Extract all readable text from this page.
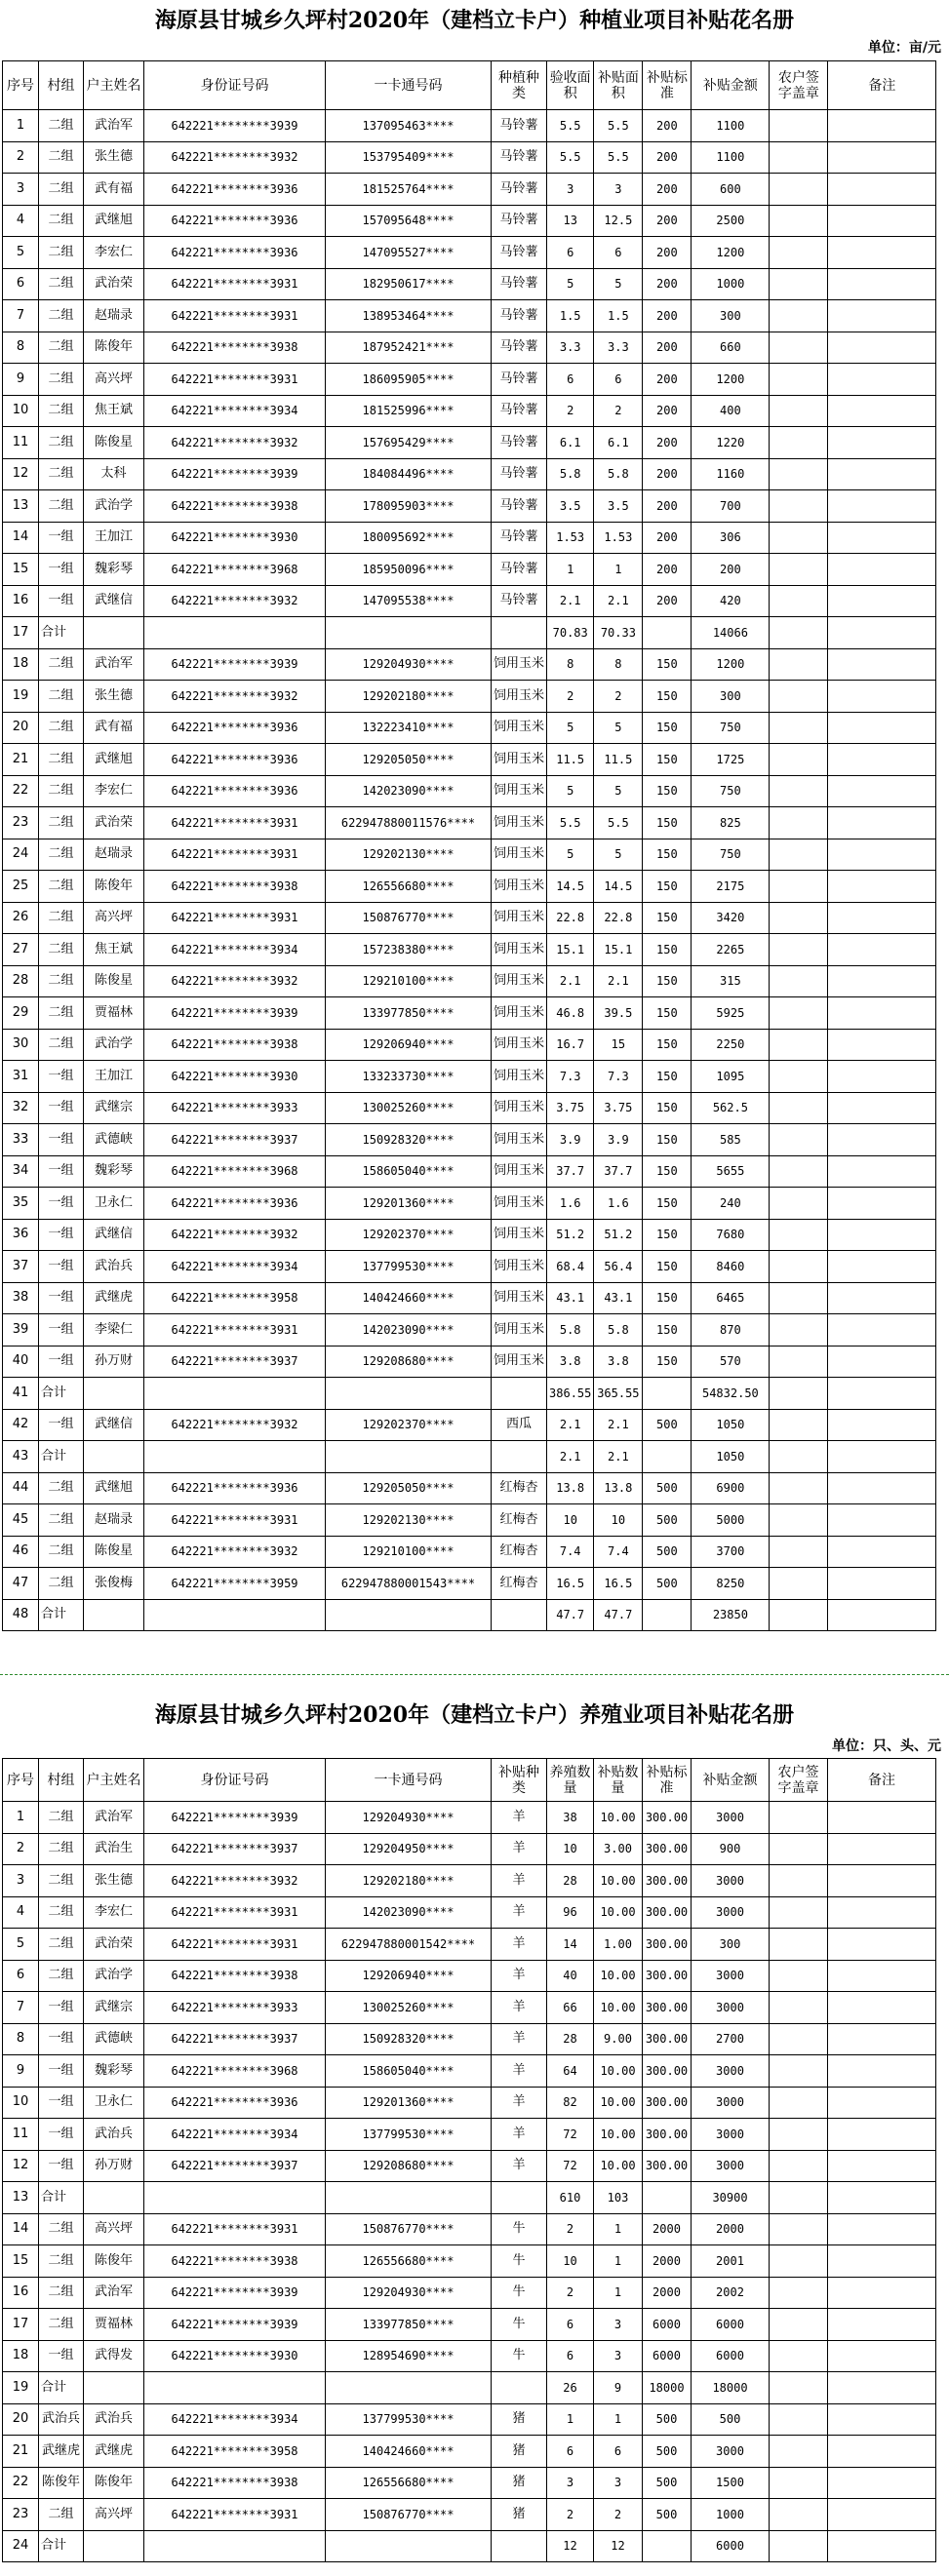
海原县甘城乡久坪村2020年（建档立卡户）种植业项目补贴花名册
单位：亩/元
序号	村组	户主姓名	身份证号码	一卡通号码	种植种类	验收面积	补贴面积	补贴标准	补贴金额	农户签字盖章	备注
1	二组	武治军	642221********3939	137095463****	马铃薯	5.5	5.5	200	1100		
2	二组	张生德	642221********3932	153795409****	马铃薯	5.5	5.5	200	1100		
3	二组	武有福	642221********3936	181525764****	马铃薯	3	3	200	600		
4	二组	武继旭	642221********3936	157095648****	马铃薯	13	12.5	200	2500		
5	二组	李宏仁	642221********3936	147095527****	马铃薯	6	6	200	1200		
6	二组	武治荣	642221********3931	182950617****	马铃薯	5	5	200	1000		
7	二组	赵瑞录	642221********3931	138953464****	马铃薯	1.5	1.5	200	300		
8	二组	陈俊年	642221********3938	187952421****	马铃薯	3.3	3.3	200	660		
9	二组	高兴坪	642221********3931	186095905****	马铃薯	6	6	200	1200		
10	二组	焦王斌	642221********3934	181525996****	马铃薯	2	2	200	400		
11	二组	陈俊星	642221********3932	157695429****	马铃薯	6.1	6.1	200	1220		
12	二组	太科	642221********3939	184084496****	马铃薯	5.8	5.8	200	1160		
13	二组	武治学	642221********3938	178095903****	马铃薯	3.5	3.5	200	700		
14	一组	王加江	642221********3930	180095692****	马铃薯	1.53	1.53	200	306		
15	一组	魏彩琴	642221********3968	185950096****	马铃薯	1	1	200	200		
16	一组	武继信	642221********3932	147095538****	马铃薯	2.1	2.1	200	420		
17	合计					70.83	70.33		14066		
18	二组	武治军	642221********3939	129204930****	饲用玉米	8	8	150	1200		
19	二组	张生德	642221********3932	129202180****	饲用玉米	2	2	150	300		
20	二组	武有福	642221********3936	132223410****	饲用玉米	5	5	150	750		
21	二组	武继旭	642221********3936	129205050****	饲用玉米	11.5	11.5	150	1725		
22	二组	李宏仁	642221********3936	142023090****	饲用玉米	5	5	150	750		
23	二组	武治荣	642221********3931	622947880011576****	饲用玉米	5.5	5.5	150	825		
24	二组	赵瑞录	642221********3931	129202130****	饲用玉米	5	5	150	750		
25	二组	陈俊年	642221********3938	126556680****	饲用玉米	14.5	14.5	150	2175		
26	二组	高兴坪	642221********3931	150876770****	饲用玉米	22.8	22.8	150	3420		
27	二组	焦王斌	642221********3934	157238380****	饲用玉米	15.1	15.1	150	2265		
28	二组	陈俊星	642221********3932	129210100****	饲用玉米	2.1	2.1	150	315		
29	二组	贾福林	642221********3939	133977850****	饲用玉米	46.8	39.5	150	5925		
30	二组	武治学	642221********3938	129206940****	饲用玉米	16.7	15	150	2250		
31	一组	王加江	642221********3930	133233730****	饲用玉米	7.3	7.3	150	1095		
32	一组	武继宗	642221********3933	130025260****	饲用玉米	3.75	3.75	150	562.5		
33	一组	武德峡	642221********3937	150928320****	饲用玉米	3.9	3.9	150	585		
34	一组	魏彩琴	642221********3968	158605040****	饲用玉米	37.7	37.7	150	5655		
35	一组	卫永仁	642221********3936	129201360****	饲用玉米	1.6	1.6	150	240		
36	一组	武继信	642221********3932	129202370****	饲用玉米	51.2	51.2	150	7680		
37	一组	武治兵	642221********3934	137799530****	饲用玉米	68.4	56.4	150	8460		
38	一组	武继虎	642221********3958	140424660****	饲用玉米	43.1	43.1	150	6465		
39	一组	李梁仁	642221********3931	142023090****	饲用玉米	5.8	5.8	150	870		
40	一组	孙万财	642221********3937	129208680****	饲用玉米	3.8	3.8	150	570		
41	合计					386.55	365.55		54832.50		
42	一组	武继信	642221********3932	129202370****	西瓜	2.1	2.1	500	1050		
43	合计					2.1	2.1		1050		
44	二组	武继旭	642221********3936	129205050****	红梅杏	13.8	13.8	500	6900		
45	二组	赵瑞录	642221********3931	129202130****	红梅杏	10	10	500	5000		
46	二组	陈俊星	642221********3932	129210100****	红梅杏	7.4	7.4	500	3700		
47	二组	张俊梅	642221********3959	622947880001543****	红梅杏	16.5	16.5	500	8250		
48	合计					47.7	47.7		23850		
海原县甘城乡久坪村2020年（建档立卡户）养殖业项目补贴花名册
单位：只、头、元
序号	村组	户主姓名	身份证号码	一卡通号码	补贴种类	养殖数量	补贴数量	补贴标准	补贴金额	农户签字盖章	备注
1	二组	武治军	642221********3939	129204930****	羊	38	10.00	300.00	3000		
2	二组	武治生	642221********3937	129204950****	羊	10	3.00	300.00	900		
3	二组	张生德	642221********3932	129202180****	羊	28	10.00	300.00	3000		
4	二组	李宏仁	642221********3931	142023090****	羊	96	10.00	300.00	3000		
5	二组	武治荣	642221********3931	622947880001542****	羊	14	1.00	300.00	300		
6	二组	武治学	642221********3938	129206940****	羊	40	10.00	300.00	3000		
7	一组	武继宗	642221********3933	130025260****	羊	66	10.00	300.00	3000		
8	一组	武德峡	642221********3937	150928320****	羊	28	9.00	300.00	2700		
9	一组	魏彩琴	642221********3968	158605040****	羊	64	10.00	300.00	3000		
10	一组	卫永仁	642221********3936	129201360****	羊	82	10.00	300.00	3000		
11	一组	武治兵	642221********3934	137799530****	羊	72	10.00	300.00	3000		
12	一组	孙万财	642221********3937	129208680****	羊	72	10.00	300.00	3000		
13	合计					610	103		30900		
14	二组	高兴坪	642221********3931	150876770****	牛	2	1	2000	2000		
15	二组	陈俊年	642221********3938	126556680****	牛	10	1	2000	2001		
16	二组	武治军	642221********3939	129204930****	牛	2	1	2000	2002		
17	二组	贾福林	642221********3939	133977850****	牛	6	3	6000	6000		
18	一组	武得发	642221********3930	128954690****	牛	6	3	6000	6000		
19	合计					26	9	18000	18000		
20	武治兵	武治兵	642221********3934	137799530****	猪	1	1	500	500		
21	武继虎	武继虎	642221********3958	140424660****	猪	6	6	500	3000		
22	陈俊年	陈俊年	642221********3938	126556680****	猪	3	3	500	1500		
23	二组	高兴坪	642221********3931	150876770****	猪	2	2	500	1000		
24	合计					12	12		6000		
